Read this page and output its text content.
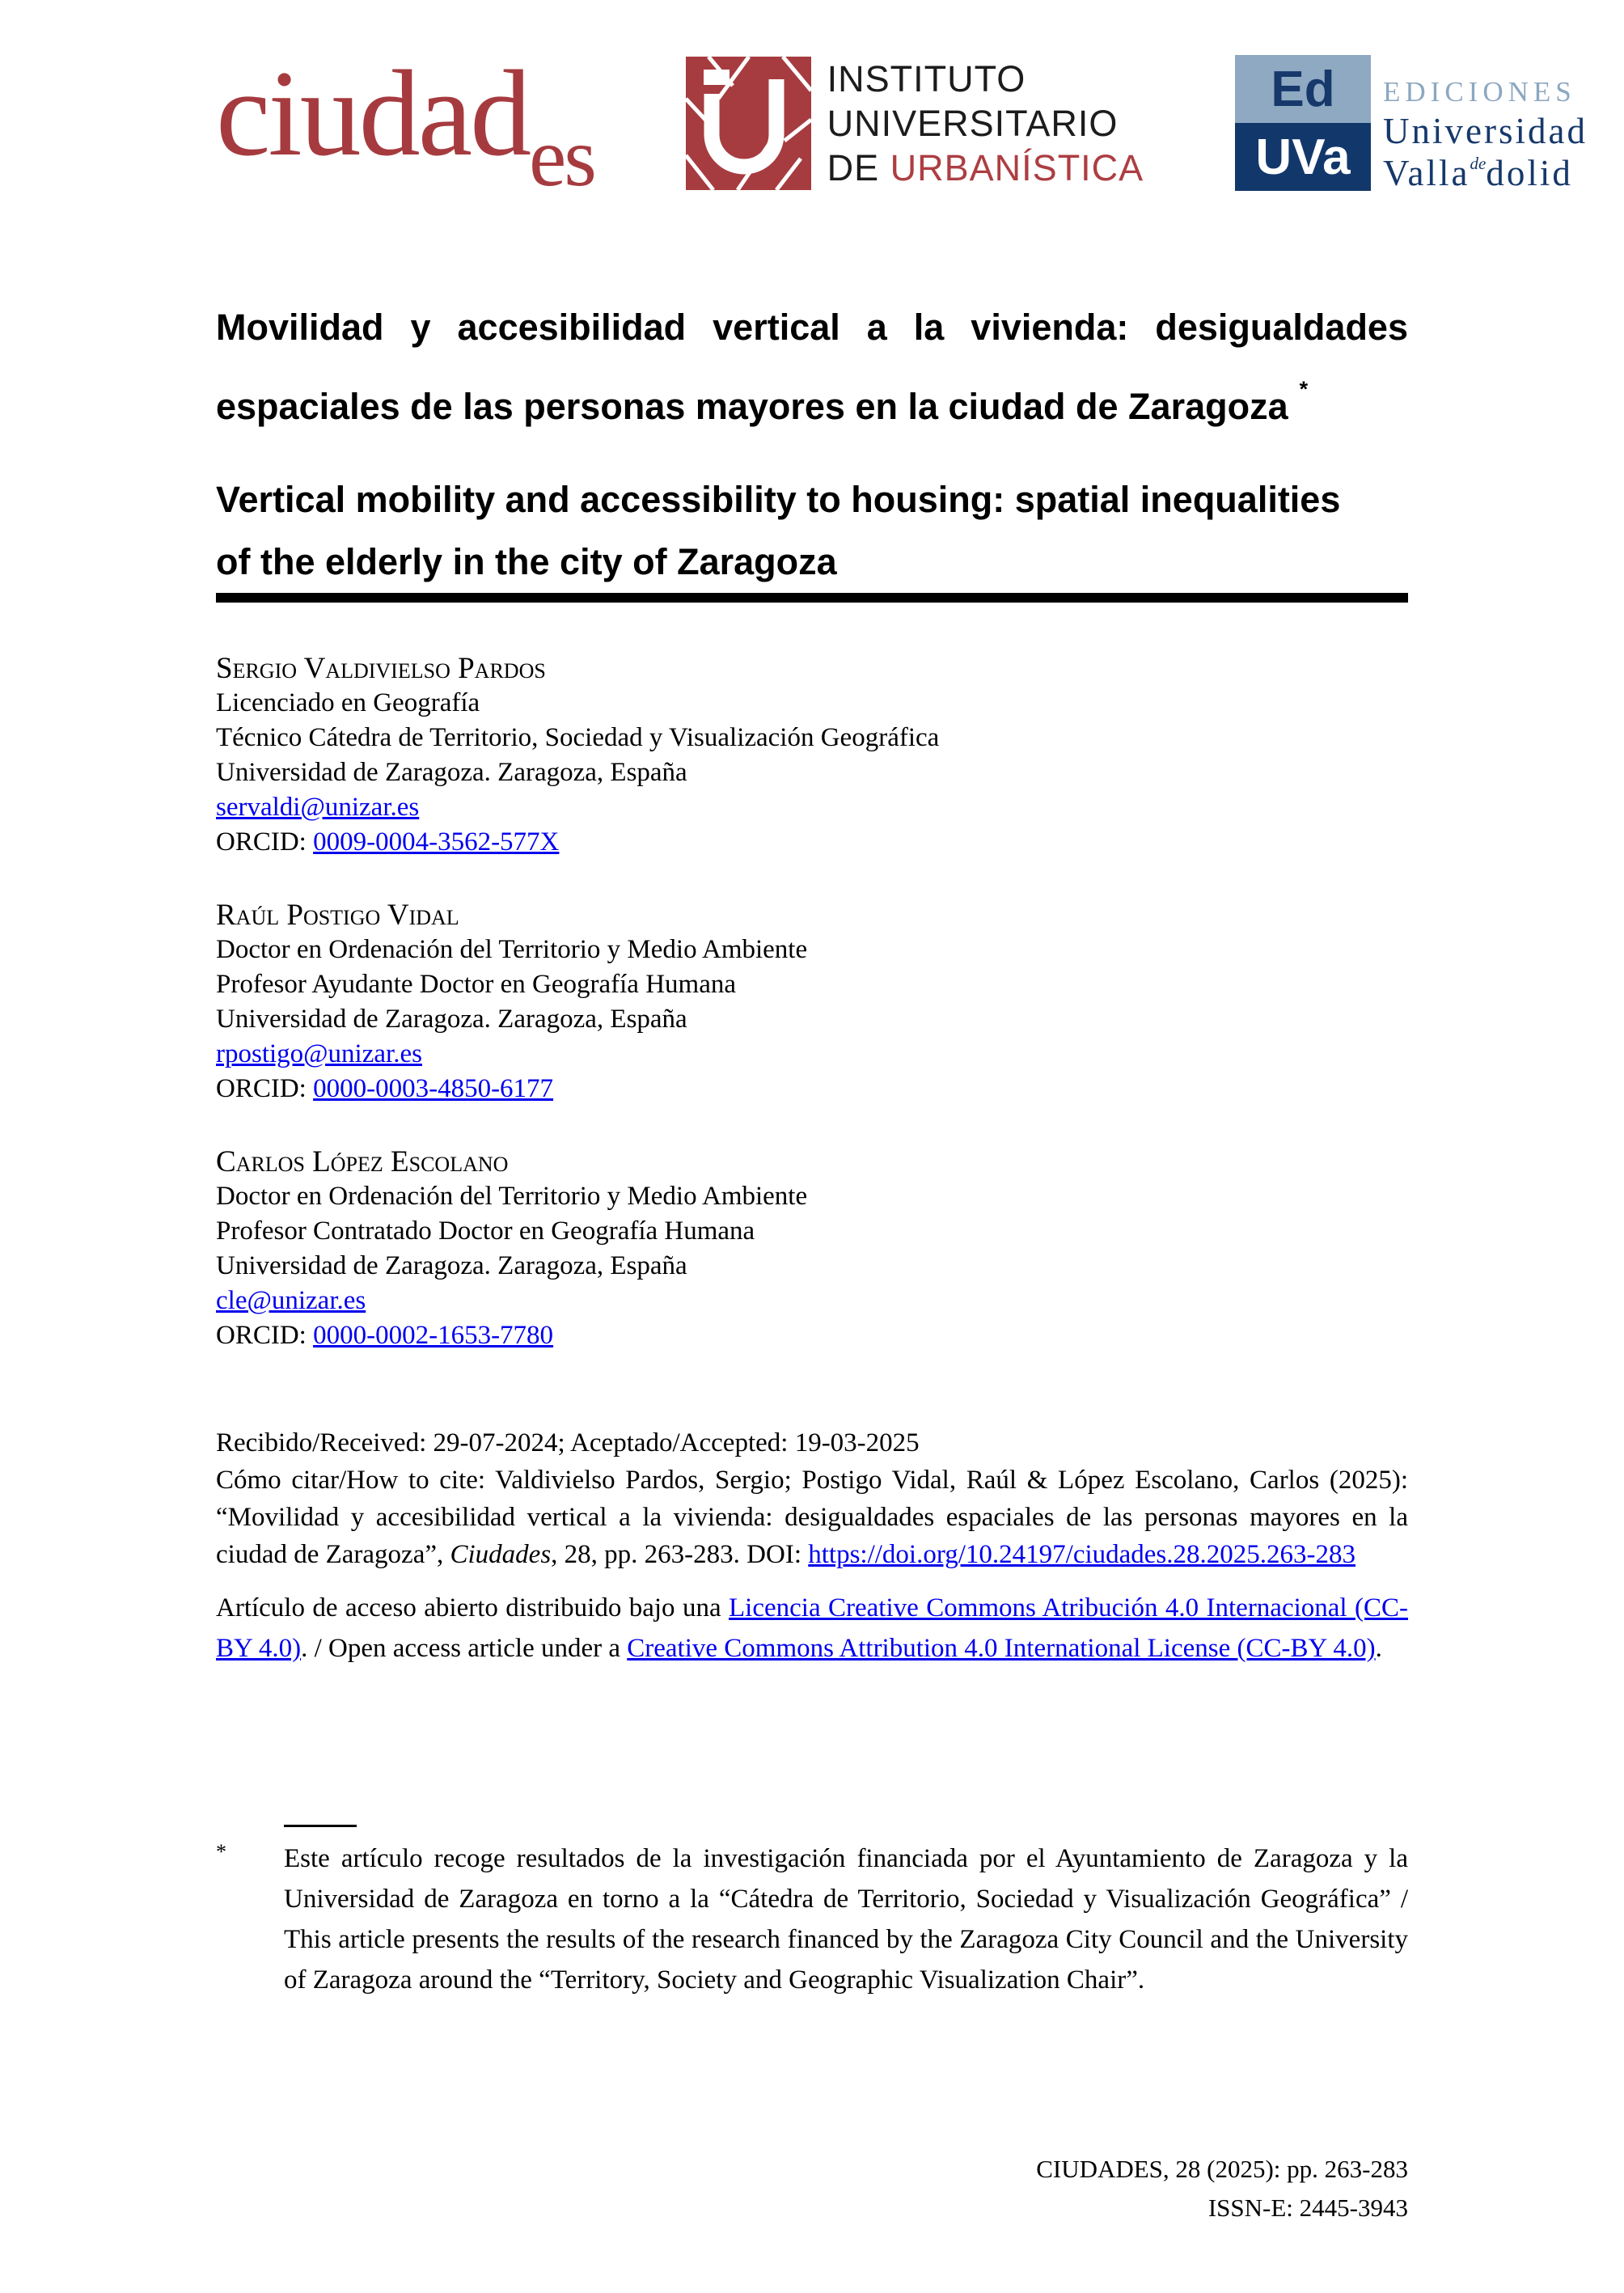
ciudades
INSTITUTO
UNIVERSITARIO
DE URBANÍSTICA
Ed
UVa
EDICIONES
Universidad
Valla$^{de}$dolid
Movilidad y accesibilidad vertical a la vivienda: desigualdades
espaciales de las personas mayores en la ciudad de Zaragoza *
Vertical mobility and accessibility to housing: spatial inequalities
of the elderly in the city of Zaragoza
Sergio Valdivielso Pardos
Licenciado en Geografía
Técnico Cátedra de Territorio, Sociedad y Visualización Geográfica
Universidad de Zaragoza. Zaragoza, España
servaldi@unizar.es
ORCID: 0009-0004-3562-577X
Raúl Postigo Vidal
Doctor en Ordenación del Territorio y Medio Ambiente
Profesor Ayudante Doctor en Geografía Humana
Universidad de Zaragoza. Zaragoza, España
rpostigo@unizar.es
ORCID: 0000-0003-4850-6177
Carlos López Escolano
Doctor en Ordenación del Territorio y Medio Ambiente
Profesor Contratado Doctor en Geografía Humana
Universidad de Zaragoza. Zaragoza, España
cle@unizar.es
ORCID: 0000-0002-1653-7780
Recibido/Received: 29-07-2024; Aceptado/Accepted: 19-03-2025
Cómo citar/How to cite: Valdivielso Pardos, Sergio; Postigo Vidal, Raúl & López Escolano, Carlos (2025): “Movilidad y accesibilidad vertical a la vivienda: desigualdades espaciales de las personas mayores en la ciudad de Zaragoza”, Ciudades, 28, pp. 263-283. DOI: https://doi.org/10.24197/ciudades.28.2025.263-283
Artículo de acceso abierto distribuido bajo una Licencia Creative Commons Atribución 4.0 Internacional (CC-BY 4.0). / Open access article under a Creative Commons Attribution 4.0 International License (CC-BY 4.0).
*	Este artículo recoge resultados de la investigación financiada por el Ayuntamiento de Zaragoza y la Universidad de Zaragoza en torno a la “Cátedra de Territorio, Sociedad y Visualización Geográfica” / This article presents the results of the research financed by the Zaragoza City Council and the University of Zaragoza around the “Territory, Society and Geographic Visualization Chair”.
CIUDADES, 28 (2025): pp. 263-283
ISSN-E: 2445-3943
